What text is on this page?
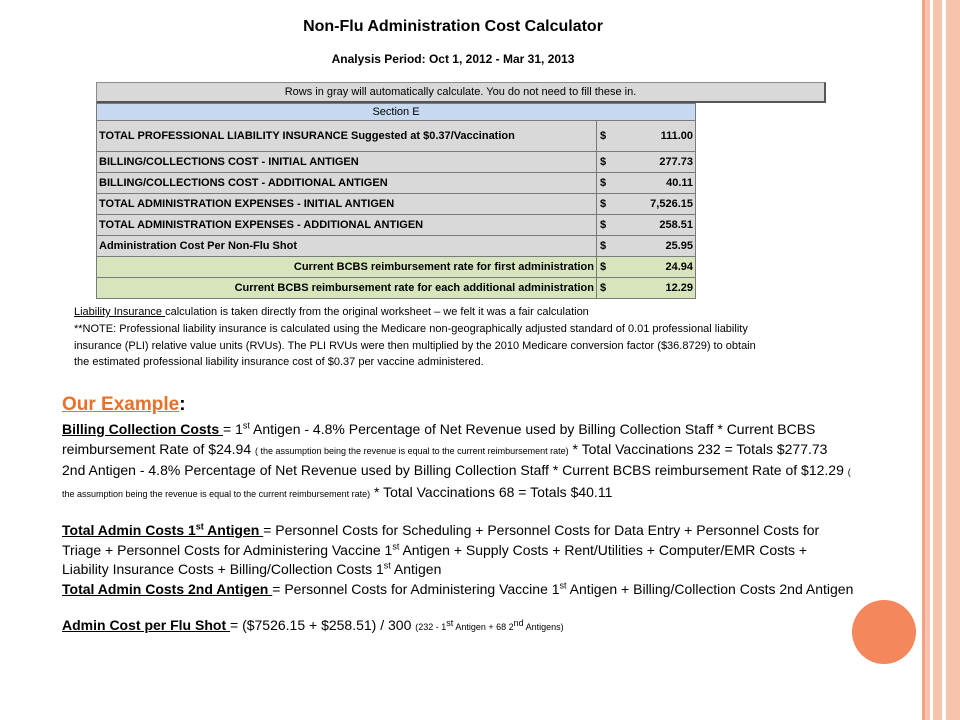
Non-Flu Administration Cost Calculator
Analysis Period: Oct 1, 2012 - Mar 31, 2013
Rows in gray will automatically calculate. You do not need to fill these in.
Section E	
TOTAL PROFESSIONAL LIABILITY INSURANCE Suggested at $0.37/Vaccination	$ 111.00

BILLING/COLLECTIONS COST - INITIAL ANTIGEN	$ 277.73

BILLING/COLLECTIONS COST - ADDITIONAL ANTIGEN	$ 40.11

TOTAL ADMINISTRATION EXPENSES - INITIAL ANTIGEN	$ 7,526.15

TOTAL ADMINISTRATION EXPENSES - ADDITIONAL ANTIGEN	$ 258.51

Administration Cost Per Non-Flu Shot	$ 25.95

Current BCBS reimbursement rate for first administration	$ 24.94

Current BCBS reimbursement rate for each additional administration	$ 12.29
Liability Insurance calculation is taken directly from the original worksheet – we felt it was a fair calculation
**NOTE: Professional liability insurance is calculated using the Medicare non-geographically adjusted standard of 0.01 professional liability insurance (PLI) relative value units (RVUs). The PLI RVUs were then multiplied by the 2010 Medicare conversion factor ($36.8729) to obtain the estimated professional liability insurance cost of $0.37 per vaccine administered.
Our Example:
Billing Collection Costs = 1st Antigen - 4.8% Percentage of Net Revenue used by Billing Collection Staff * Current BCBS reimbursement Rate of $24.94 ( the assumption being the revenue is equal to the current reimbursement rate) * Total Vaccinations 232 = Totals $277.73
2nd Antigen - 4.8% Percentage of Net Revenue used by Billing Collection Staff * Current BCBS reimbursement Rate of $12.29 ( the assumption being the revenue is equal to the current reimbursement rate) * Total Vaccinations 68 = Totals $40.11
Total Admin Costs 1st Antigen = Personnel Costs for Scheduling + Personnel Costs for Data Entry + Personnel Costs for Triage + Personnel Costs for Administering Vaccine 1st Antigen + Supply Costs + Rent/Utilities + Computer/EMR Costs + Liability Insurance Costs + Billing/Collection Costs 1st Antigen
Total Admin Costs 2nd Antigen = Personnel Costs for Administering Vaccine 1st Antigen + Billing/Collection Costs 2nd Antigen
Admin Cost per Flu Shot = ($7526.15 + $258.51) / 300 (232 - 1st Antigen + 68 2nd Antigens)
